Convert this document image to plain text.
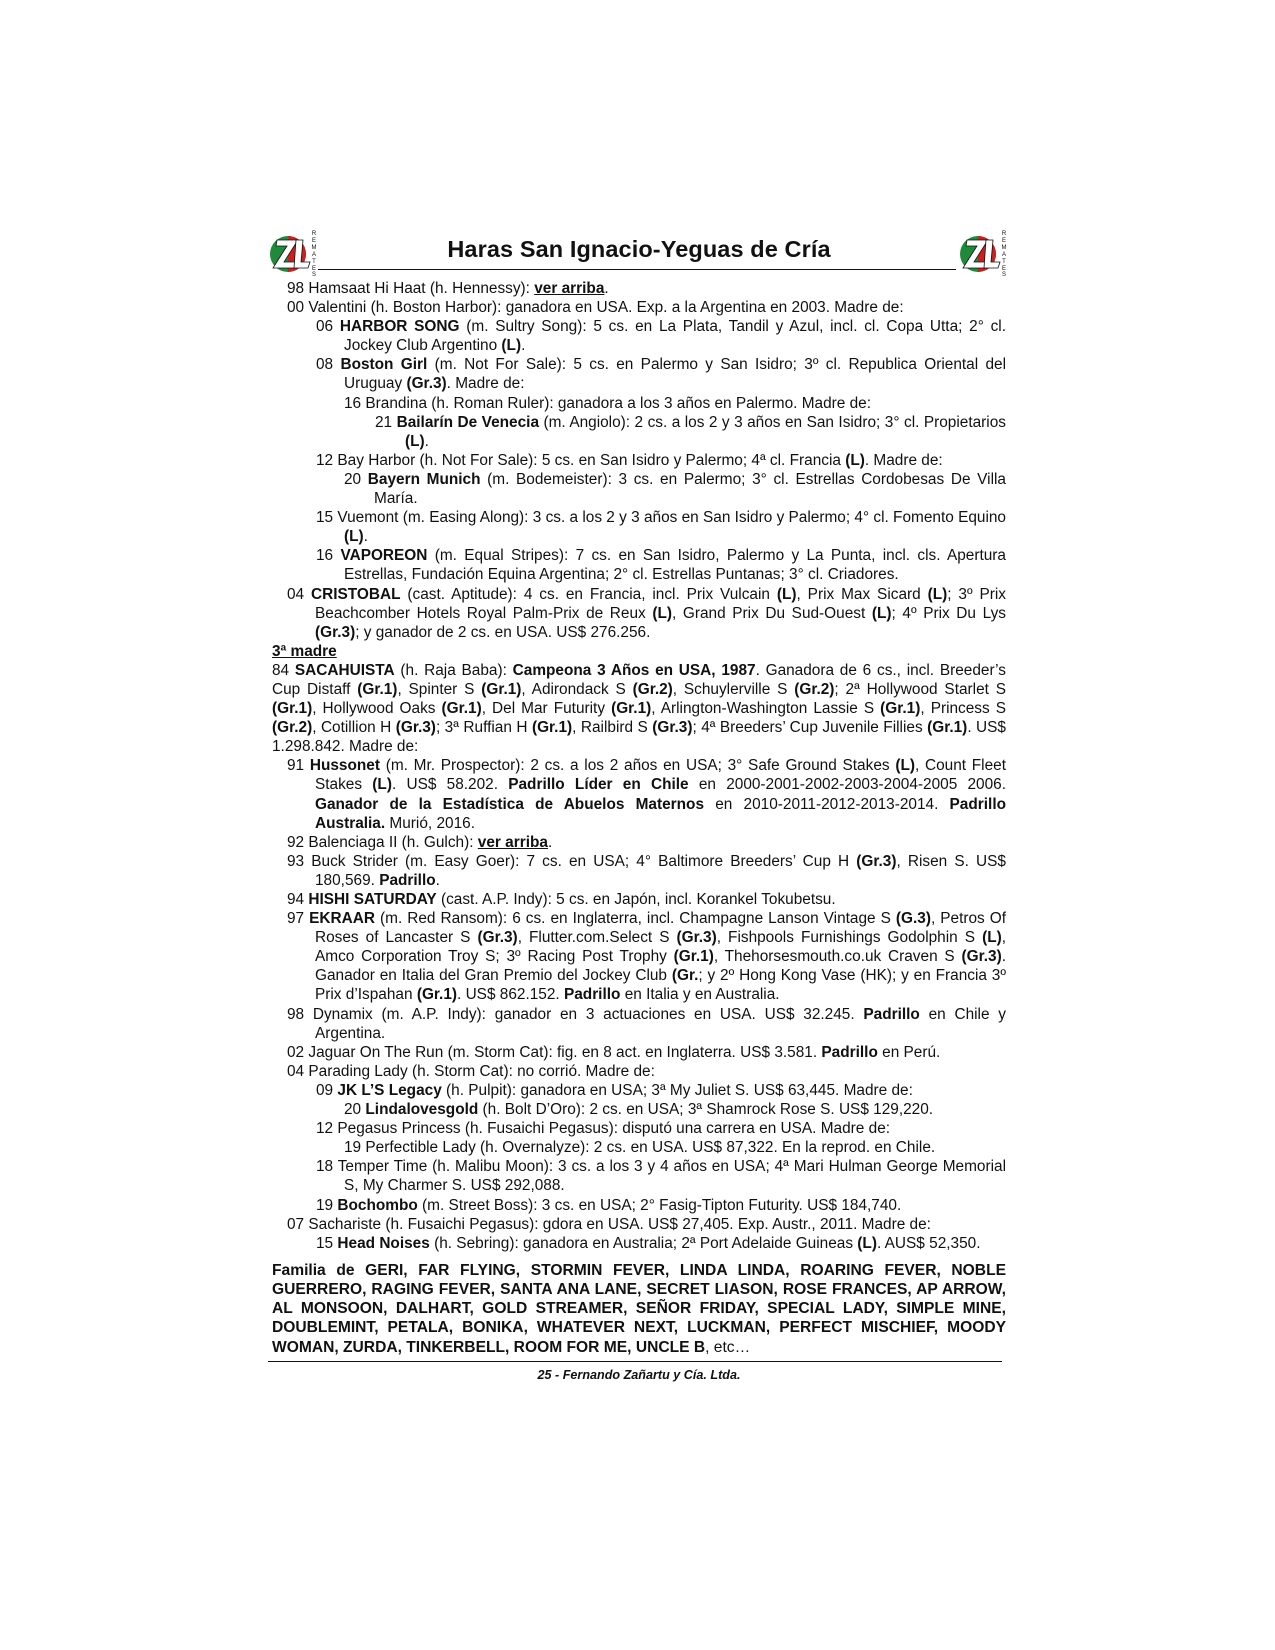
R
E
M
A
T
E
S
Haras San Ignacio-Yeguas de Cría
R
E
M
A
T
E
S
98 Hamsaat Hi Haat (h. Hennessy): ver arriba.
00 Valentini (h. Boston Harbor): ganadora en USA. Exp. a la Argentina en 2003. Madre de:
06 HARBOR SONG (m. Sultry Song): 5 cs. en La Plata, Tandil y Azul, incl. cl. Copa Utta; 2° cl. Jockey Club Argentino (L).
08 Boston Girl (m. Not For Sale): 5 cs. en Palermo y San Isidro; 3º cl. Republica Oriental del Uruguay (Gr.3). Madre de:
16 Brandina (h. Roman Ruler): ganadora a los 3 años en Palermo. Madre de:
21 Bailarín De Venecia (m. Angiolo): 2 cs. a los 2 y 3 años en San Isidro; 3° cl. Propietarios (L).
12 Bay Harbor (h. Not For Sale): 5 cs. en San Isidro y Palermo; 4ª cl. Francia (L). Madre de:
20 Bayern Munich (m. Bodemeister): 3 cs. en Palermo; 3° cl. Estrellas Cordobesas De Villa María.
15 Vuemont (m. Easing Along): 3 cs. a los 2 y 3 años en San Isidro y Palermo; 4° cl. Fomento Equino (L).
16 VAPOREON (m. Equal Stripes): 7 cs. en San Isidro, Palermo y La Punta, incl. cls. Apertura Estrellas, Fundación Equina Argentina; 2° cl. Estrellas Puntanas; 3° cl. Criadores.
04 CRISTOBAL (cast. Aptitude): 4 cs. en Francia, incl. Prix Vulcain (L), Prix Max Sicard (L); 3º Prix Beachcomber Hotels Royal Palm-Prix de Reux (L), Grand Prix Du Sud-Ouest (L); 4º Prix Du Lys (Gr.3); y ganador de 2 cs. en USA. US$ 276.256.
3ª madre
84 SACAHUISTA (h. Raja Baba): Campeona 3 Años en USA, 1987. Ganadora de 6 cs., incl. Breeder’s Cup Distaff (Gr.1), Spinter S (Gr.1), Adirondack S (Gr.2), Schuylerville S (Gr.2); 2ª Hollywood Starlet S (Gr.1), Hollywood Oaks (Gr.1), Del Mar Futurity (Gr.1), Arlington-Washington Lassie S (Gr.1), Princess S (Gr.2), Cotillion H (Gr.3); 3ª Ruffian H (Gr.1), Railbird S (Gr.3); 4ª Breeders’ Cup Juvenile Fillies (Gr.1). US$ 1.298.842. Madre de:
91 Hussonet (m. Mr. Prospector): 2 cs. a los 2 años en USA; 3° Safe Ground Stakes (L), Count Fleet Stakes (L). US$ 58.202. Padrillo Líder en Chile en 2000-2001-2002-2003-2004-2005 2006. Ganador de la Estadística de Abuelos Maternos en 2010-2011-2012-2013-2014. Padrillo Australia. Murió, 2016.
92 Balenciaga II (h. Gulch): ver arriba.
93 Buck Strider (m. Easy Goer): 7 cs. en USA; 4° Baltimore Breeders’ Cup H (Gr.3), Risen S. US$ 180,569. Padrillo.
94 HISHI SATURDAY (cast. A.P. Indy): 5 cs. en Japón, incl. Korankel Tokubetsu.
97 EKRAAR (m. Red Ransom): 6 cs. en Inglaterra, incl. Champagne Lanson Vintage S (G.3), Petros Of Roses of Lancaster S (Gr.3), Flutter.com.Select S (Gr.3), Fishpools Furnishings Godolphin S (L), Amco Corporation Troy S; 3º Racing Post Trophy (Gr.1), Thehorsesmouth.co.uk Craven S (Gr.3). Ganador en Italia del Gran Premio del Jockey Club (Gr.; y 2º Hong Kong Vase (HK); y en Francia 3º Prix d’Ispahan (Gr.1). US$ 862.152. Padrillo en Italia y en Australia.
98 Dynamix (m. A.P. Indy): ganador en 3 actuaciones en USA. US$ 32.245. Padrillo en Chile y Argentina.
02 Jaguar On The Run (m. Storm Cat): fig. en 8 act. en Inglaterra. US$ 3.581. Padrillo en Perú.
04 Parading Lady (h. Storm Cat): no corrió. Madre de:
09 JK L’S Legacy (h. Pulpit): ganadora en USA; 3ª My Juliet S. US$ 63,445. Madre de:
20 Lindalovesgold (h. Bolt D’Oro): 2 cs. en USA; 3ª Shamrock Rose S. US$ 129,220.
12 Pegasus Princess (h. Fusaichi Pegasus): disputó una carrera en USA. Madre de:
19 Perfectible Lady (h. Overnalyze): 2 cs. en USA. US$ 87,322. En la reprod. en Chile.
18 Temper Time (h. Malibu Moon): 3 cs. a los 3 y 4 años en USA; 4ª Mari Hulman George Memorial S, My Charmer S. US$ 292,088.
19 Bochombo (m. Street Boss): 3 cs. en USA; 2° Fasig-Tipton Futurity. US$ 184,740.
07 Sachariste (h. Fusaichi Pegasus): gdora en USA. US$ 27,405. Exp. Austr., 2011. Madre de:
15 Head Noises (h. Sebring): ganadora en Australia; 2ª Port Adelaide Guineas (L). AUS$ 52,350.
Familia de GERI, FAR FLYING, STORMIN FEVER, LINDA LINDA, ROARING FEVER, NOBLE GUERRERO, RAGING FEVER, SANTA ANA LANE, SECRET LIASON, ROSE FRANCES, AP ARROW, AL MONSOON, DALHART, GOLD STREAMER, SEÑOR FRIDAY, SPECIAL LADY, SIMPLE MINE, DOUBLEMINT, PETALA, BONIKA, WHATEVER NEXT, LUCKMAN, PERFECT MISCHIEF, MOODY WOMAN, ZURDA, TINKERBELL, ROOM FOR ME, UNCLE B, etc…
25 - Fernando Zañartu y Cía. Ltda.
